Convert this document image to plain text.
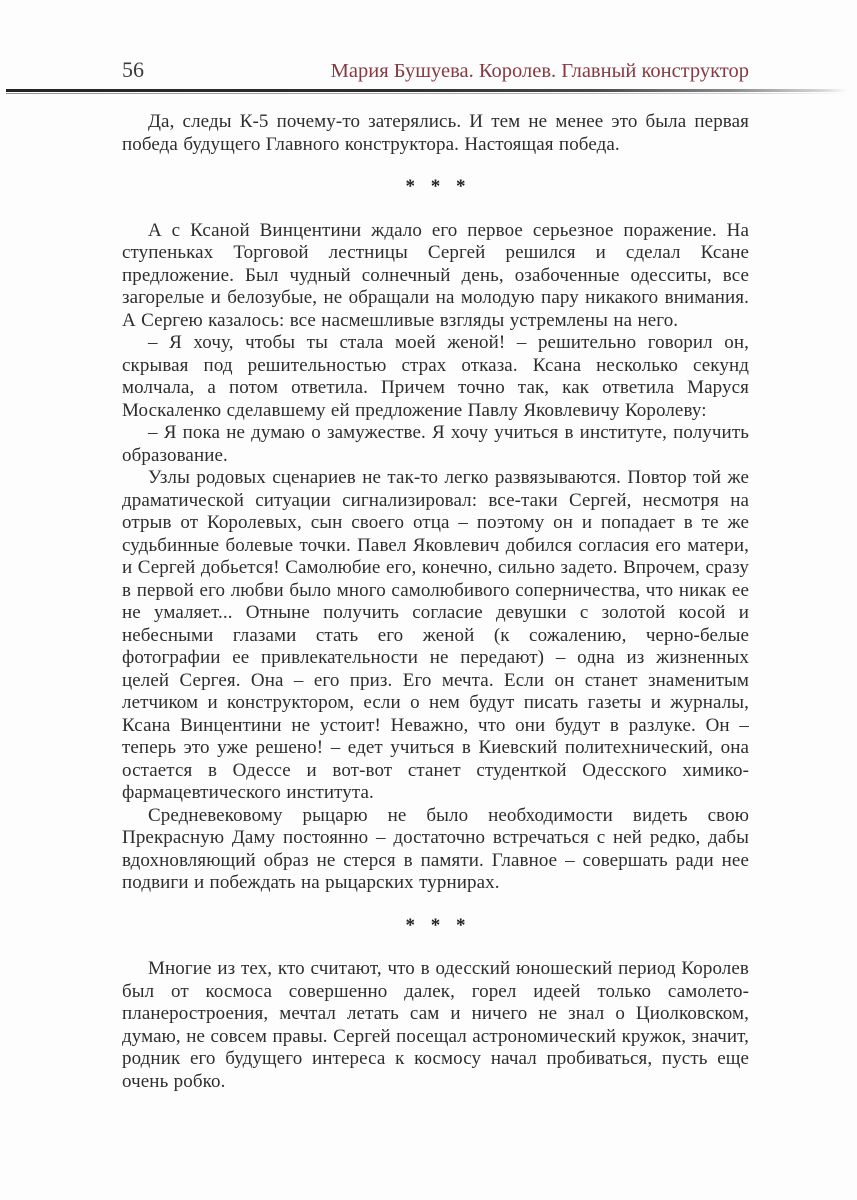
56	Мария Бушуева. Королев. Главный конструктор

Да, следы К-5 почему-то затерялись. И тем не менее это была первая победа будущего Главного конструктора. Настоящая победа.

* * *

А с Ксаной Винцентини ждало его первое серьезное поражение. На ступеньках Торговой лестницы Сергей решился и сделал Ксане предложение. Был чудный солнечный день, озабоченные одесситы, все загорелые и белозубые, не обращали на молодую пару никакого внимания. А Сергею казалось: все насмешливые взгляды устремлены на него.

– Я хочу, чтобы ты стала моей женой! – решительно говорил он, скрывая под решительностью страх отказа. Ксана несколько секунд молчала, а потом ответила. Причем точно так, как ответила Маруся Москаленко сделавшему ей предложение Павлу Яковлевичу Королеву:

– Я пока не думаю о замужестве. Я хочу учиться в институте, получить образование.

Узлы родовых сценариев не так-то легко развязываются. Повтор той же драматической ситуации сигнализировал: все-таки Сергей, несмотря на отрыв от Королевых, сын своего отца – поэтому он и попадает в те же судьбинные болевые точки. Павел Яковлевич добился согласия его матери, и Сергей добьется! Самолюбие его, конечно, сильно задето. Впрочем, сразу в первой его любви было много самолюбивого соперничества, что никак ее не умаляет... Отныне получить согласие девушки с золотой косой и небесными глазами стать его женой (к сожалению, черно-белые фотографии ее привлекательности не передают) – одна из жизненных целей Сергея. Она – его приз. Его мечта. Если он станет знаменитым летчиком и конструктором, если о нем будут писать газеты и журналы, Ксана Винцентини не устоит! Неважно, что они будут в разлуке. Он – теперь это уже решено! – едет учиться в Киевский политехнический, она остается в Одессе и вот-вот станет студенткой Одесского химико-фармацевтического института.

Средневековому рыцарю не было необходимости видеть свою Прекрасную Даму постоянно – достаточно встречаться с ней редко, дабы вдохновляющий образ не стерся в памяти. Главное – совершать ради нее подвиги и побеждать на рыцарских турнирах.

* * *

Многие из тех, кто считают, что в одесский юношеский период Королев был от космоса совершенно далек, горел идеей только самолето-планеростроения, мечтал летать сам и ничего не знал о Циолковском, думаю, не совсем правы. Сергей посещал астрономический кружок, значит, родник его будущего интереса к космосу начал пробиваться, пусть еще очень робко.
